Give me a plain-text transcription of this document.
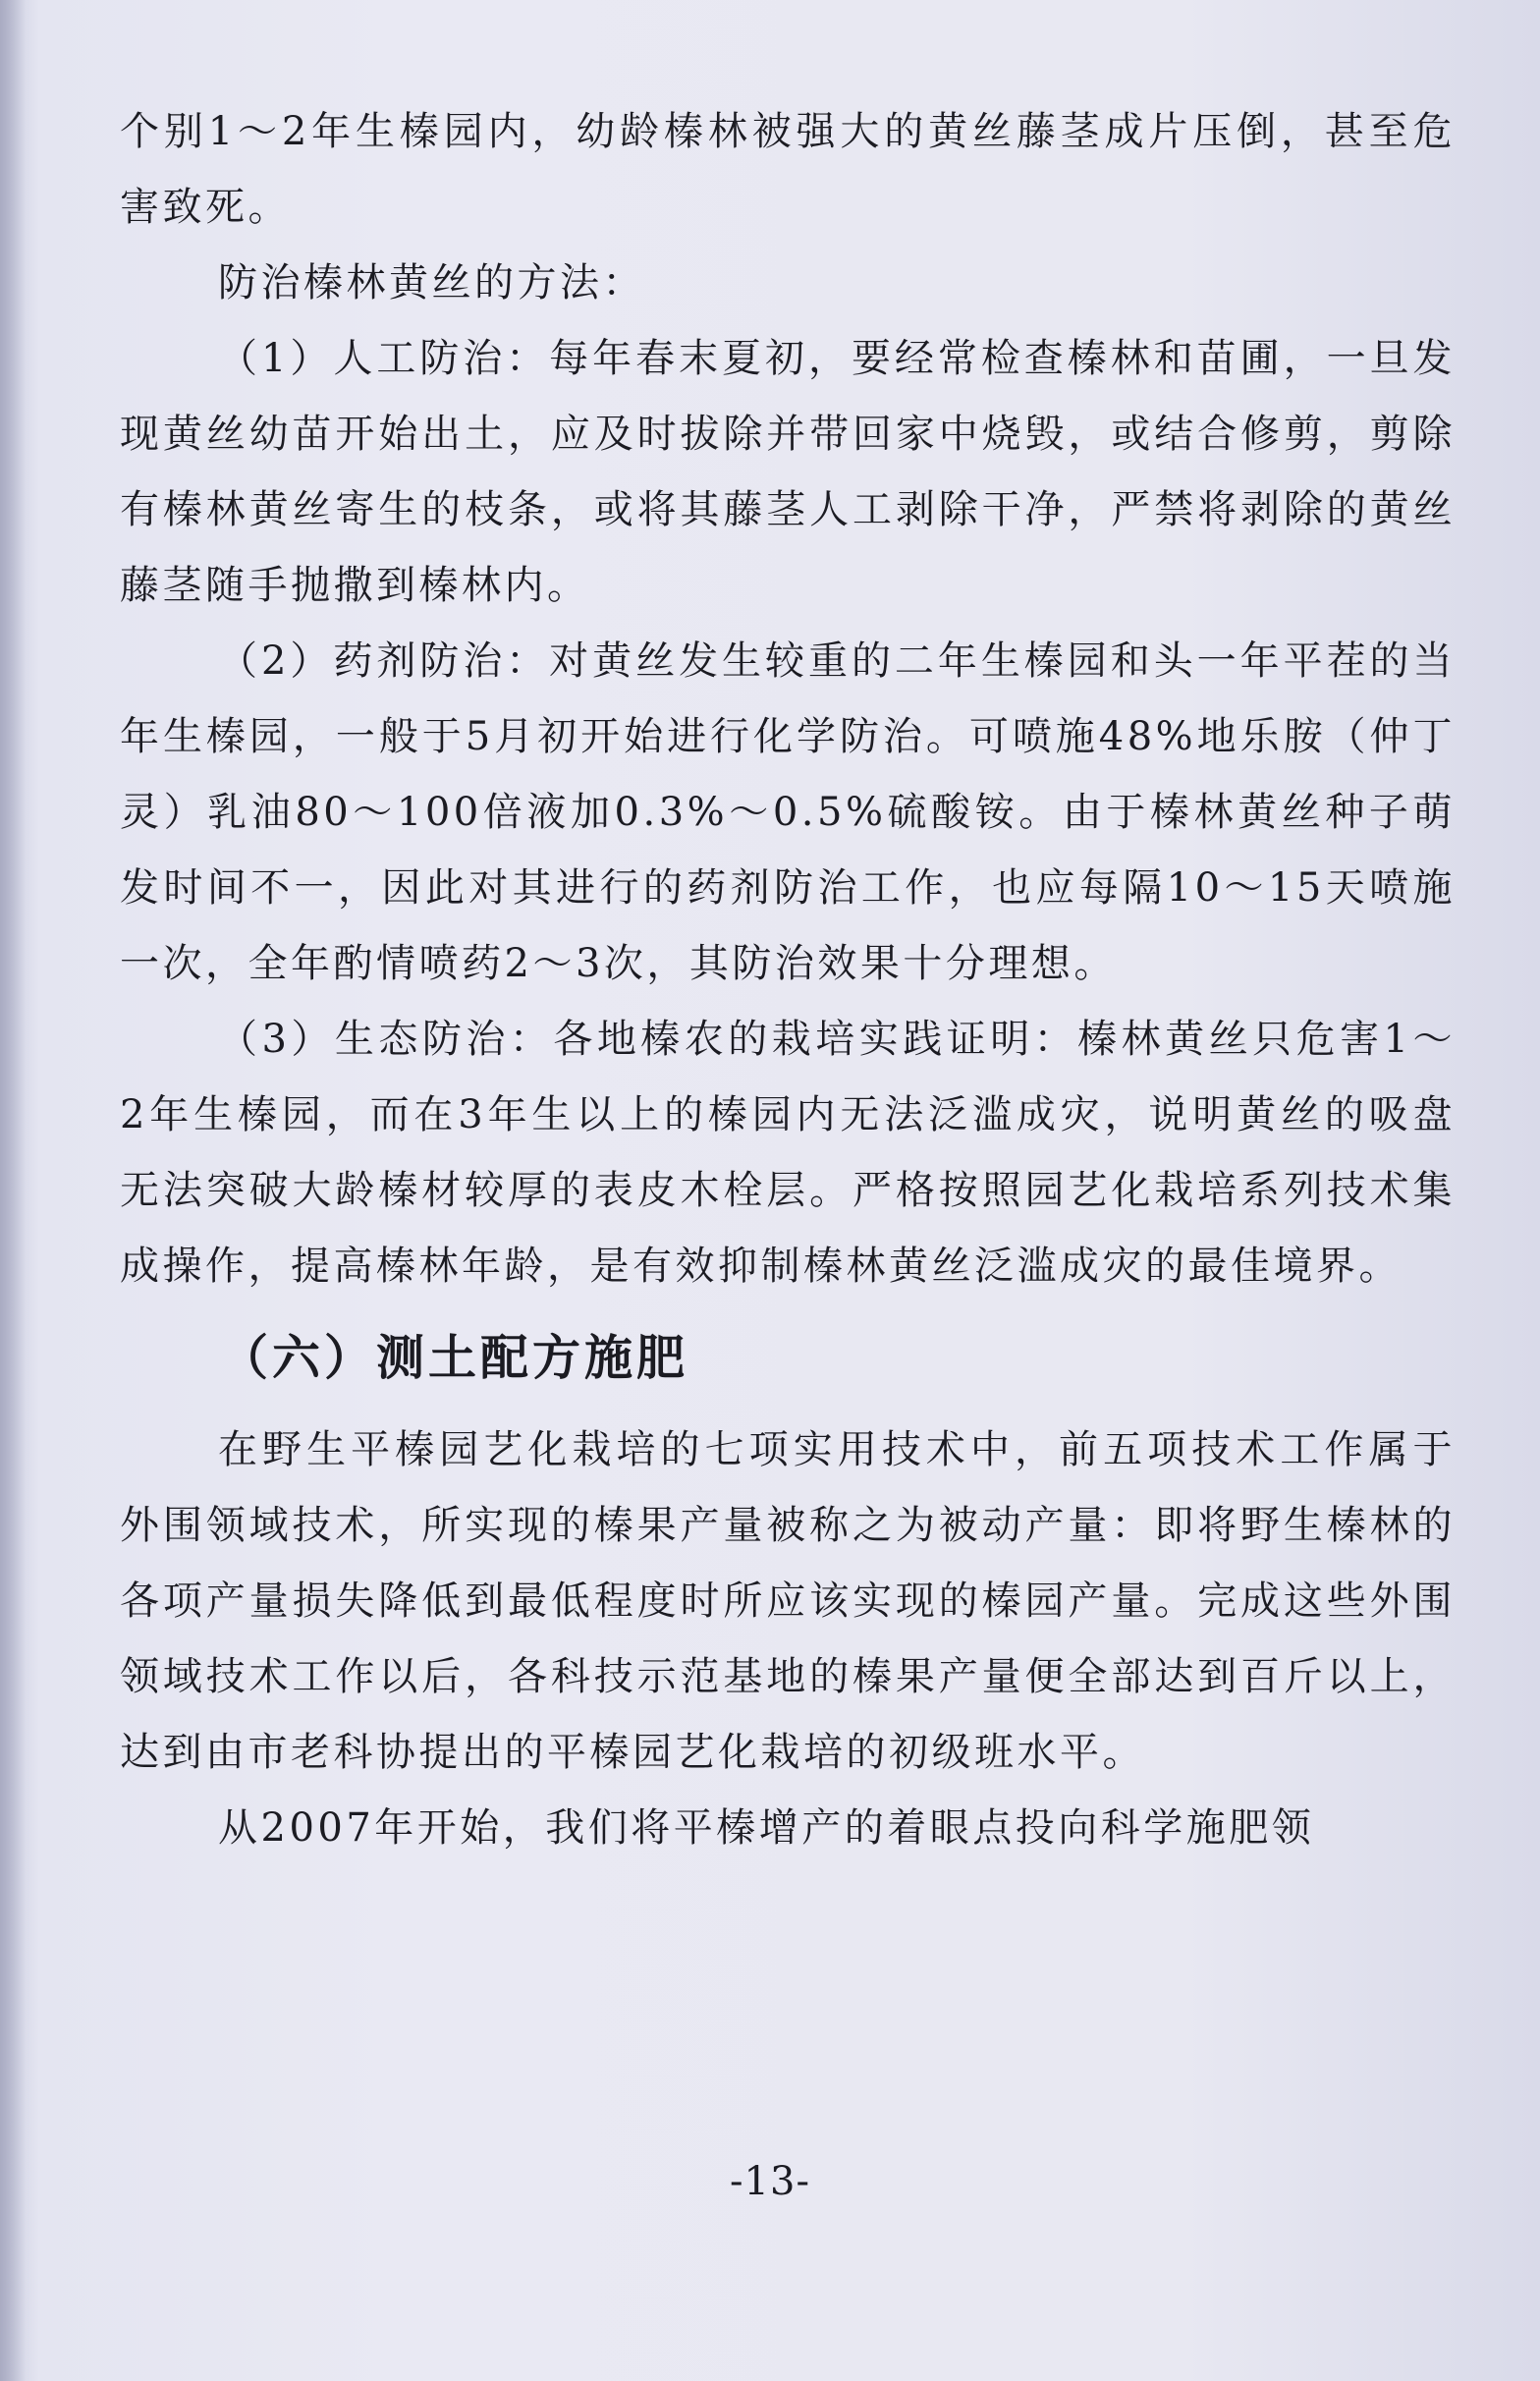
个别1～2年生榛园内，幼龄榛林被强大的黄丝藤茎成片压倒，甚至危害致死。

防治榛林黄丝的方法：

（1）人工防治：每年春末夏初，要经常检查榛林和苗圃，一旦发现黄丝幼苗开始出土，应及时拔除并带回家中烧毁，或结合修剪，剪除有榛林黄丝寄生的枝条，或将其藤茎人工剥除干净，严禁将剥除的黄丝藤茎随手抛撒到榛林内。

（2）药剂防治：对黄丝发生较重的二年生榛园和头一年平茬的当年生榛园，一般于5月初开始进行化学防治。可喷施48%地乐胺（仲丁灵）乳油80～100倍液加0.3%～0.5%硫酸铵。由于榛林黄丝种子萌发时间不一，因此对其进行的药剂防治工作，也应每隔10～15天喷施一次，全年酌情喷药2～3次，其防治效果十分理想。

（3）生态防治：各地榛农的栽培实践证明：榛林黄丝只危害1～2年生榛园，而在3年生以上的榛园内无法泛滥成灾，说明黄丝的吸盘无法突破大龄榛材较厚的表皮木栓层。严格按照园艺化栽培系列技术集成操作，提高榛林年龄，是有效抑制榛林黄丝泛滥成灾的最佳境界。

（六）测土配方施肥

在野生平榛园艺化栽培的七项实用技术中，前五项技术工作属于外围领域技术，所实现的榛果产量被称之为被动产量：即将野生榛林的各项产量损失降低到最低程度时所应该实现的榛园产量。完成这些外围领域技术工作以后，各科技示范基地的榛果产量便全部达到百斤以上，达到由市老科协提出的平榛园艺化栽培的初级班水平。

从2007年开始，我们将平榛增产的着眼点投向科学施肥领

-13-
